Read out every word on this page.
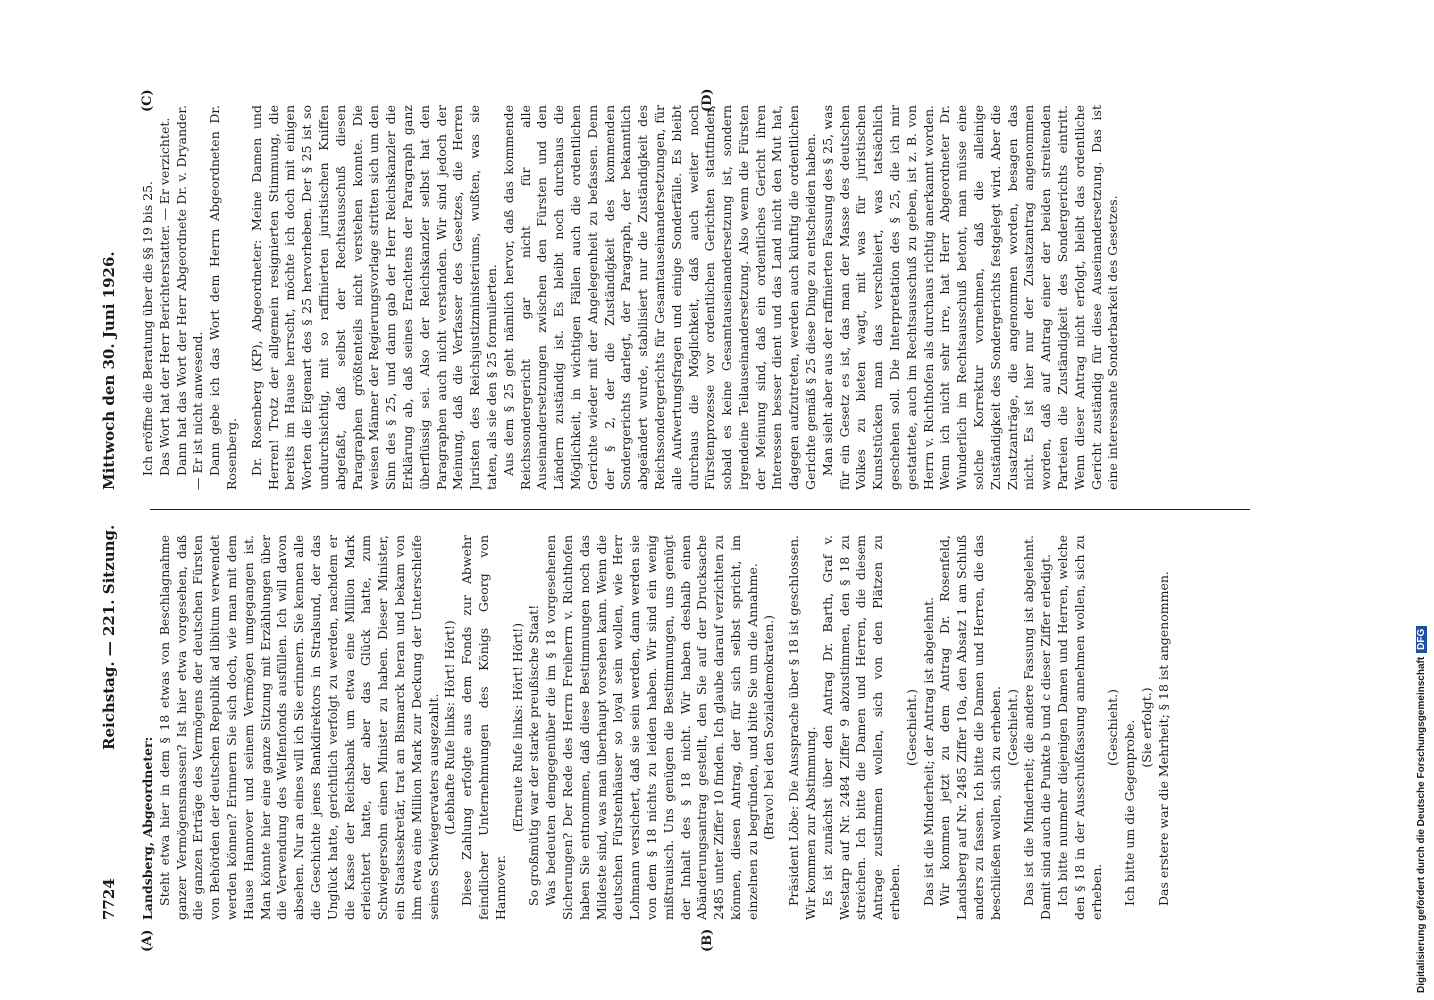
7724
Reichstag. — 221. Sitzung.
Mittwoch den 30. Juni 1926.
(A)	(B)
(C)	(D)

Landsberg, Abgeordneter: Steht etwa hier in dem § 18 etwas von Beschlagnahme ganzer Vermögensmassen? Ist hier etwa vorgesehen, daß die ganzen Erträge des Vermögens der deutschen Fürsten von Behörden der deutschen Republik ad libitum verwendet werden können? Erinnern Sie sich doch, wie man mit dem Hause Hannover und seinem Vermögen umgegangen ist. Man könnte hier eine ganze Sitzung mit Erzählungen über die Verwendung des Welfenfonds ausfüllen. Ich will davon absehen. Nur an eines will ich Sie erinnern. Sie kennen alle die Geschichte jenes Bankdirektors in Stralsund, der das Unglück hatte, gerichtlich verfolgt zu werden, nachdem er die Kasse der Reichsbank um etwa eine Million Mark erleichtert hatte, der aber das Glück hatte, zum Schwiegersohn einen Minister zu haben. Dieser Minister, ein Staatssekretär, trat an Bismarck heran und bekam von ihm etwa eine Million Mark zur Deckung der Unterschleife seines Schwiegervaters ausgezahlt. (Lebhafte Rufe links: Hört! Hört!) Diese Zahlung erfolgte aus dem Fonds zur Abwehr feindlicher Unternehmungen des Königs Georg von Hannover.

(Erneute Rufe links: Hört! Hört!) So großmütig war der starke preußische Staat! Was bedeuten demgegenüber die im § 18 vorgesehenen Sicherungen? Der Rede des Herrn Freiherrn v. Richthofen haben Sie entnommen, daß diese Bestimmungen noch das Mildeste sind, was man überhaupt vorsehen kann. Wenn die deutschen Fürstenhäuser so loyal sein wollen, wie Herr Lohmann versichert, daß sie sein werden, dann werden sie von dem § 18 nichts zu leiden haben. Wir sind ein wenig mißtrauisch. Uns genügen die Bestimmungen, uns genügt der Inhalt des § 18 nicht. Wir haben deshalb einen Abänderungsantrag gestellt, den Sie auf der Drucksache 2485 unter Ziffer 10 finden. Ich glaube darauf verzichten zu können, diesen Antrag, der für sich selbst spricht, im einzelnen zu begründen, und bitte Sie um die Annahme. (Bravo! bei den Sozialdemokraten.) Präsident Löbe: Die Aussprache über § 18 ist geschlossen. Wir kommen zur Abstimmung. Es ist zunächst über den Antrag Dr. Barth, Graf v. Westarp auf Nr. 2484 Ziffer 9 abzustimmen, den § 18 zu streichen. Ich bitte die Damen und Herren, die diesem Antrage zustimmen wollen, sich von den Plätzen zu erheben.

(Geschieht.) Das ist die Minderheit; der Antrag ist abgelehnt. Wir kommen jetzt zu dem Antrag Dr. Rosenfeld, Landsberg auf Nr. 2485 Ziffer 10a, den Absatz 1 am Schluß anders zu fassen. Ich bitte die Damen und Herren, die das beschließen wollen, sich zu erheben. (Geschieht.) Das ist die Minderheit; die andere Fassung ist abgelehnt. Damit sind auch die Punkte b und c dieser Ziffer erledigt. Ich bitte nunmehr diejenigen Damen und Herren, welche den § 18 in der Ausschußfassung annehmen wollen, sich zu erheben.

(Geschieht.) Ich bitte um die Gegenprobe. (Sie erfolgt.) Das erstere war die Mehrheit; § 18 ist angenommen.

Ich eröffne die Beratung über die §§ 19 bis 25. Das Wort hat der Herr Berichterstatter. — Er verzichtet. Dann hat das Wort der Herr Abgeordnete Dr. v. Dryander. — Er ist nicht anwesend. Dann gebe ich das Wort dem Herrn Abgeordneten Dr. Rosenberg. Dr. Rosenberg (KP), Abgeordneter: Meine Damen und Herren! Trotz der allgemein resignierten Stimmung, die bereits im Hause herrscht, möchte ich doch mit einigen Worten die Eigenart des § 25 hervorheben. Der § 25 ist so undurchsichtig, mit so raffinierten juristischen Kniffen abgefaßt, daß selbst der Rechtsausschuß diesen Paragraphen größtenteils nicht verstehen konnte. Die weisen Männer der Regierungsvorlage stritten sich um den Sinn des § 25, und dann gab der Herr Reichskanzler die Erklärung ab, daß seines Erachtens der Paragraph ganz überflüssig sei. Also der Reichskanzler selbst hat den Paragraphen auch nicht verstanden. Wir sind jedoch der Meinung, daß die Verfasser des Gesetzes, die Herren Juristen des Reichsjustizministeriums, wußten, was sie taten, als sie den § 25 formulierten. Aus dem § 25 geht nämlich hervor, daß das kommende Reichssondergericht gar nicht für alle Auseinandersetzungen zwischen den Fürsten und den Ländern zuständig ist. Es bleibt noch durchaus die Möglichkeit, in wichtigen Fällen auch die ordentlichen Gerichte wieder mit der Angelegenheit zu befassen. Denn der § 2, der die Zuständigkeit des kommenden Sondergerichts darlegt, der Paragraph, der bekanntlich abgeändert wurde, stabilisiert nur die Zuständigkeit des Reichssondergerichts für Gesamtauseinandersetzungen, für alle Aufwertungsfragen und einige Sonderfälle. Es bleibt durchaus die Möglichkeit, daß auch weiter noch Fürstenprozesse vor ordentlichen Gerichten stattfinden, sobald es keine Gesamtauseinandersetzung ist, sondern irgendeine Teilauseinandersetzung. Also wenn die Fürsten der Meinung sind, daß ein ordentliches Gericht ihren Interessen besser dient und das Land nicht den Mut hat, dagegen aufzutreten, werden auch künftig die ordentlichen Gerichte gemäß § 25 diese Dinge zu entscheiden haben. Man sieht aber aus der raffinierten Fassung des § 25, was für ein Gesetz es ist, das man der Masse des deutschen Volkes zu bieten wagt, mit was für juristischen Kunststücken man das verschleiert, was tatsächlich geschehen soll. Die Interpretation des § 25, die ich mir gestattete, auch im Rechtsausschuß zu geben, ist z. B. von Herrn v. Richthofen als durchaus richtig anerkannt worden. Wenn ich nicht sehr irre, hat Herr Abgeordneter Dr. Wunderlich im Rechtsausschuß betont, man müsse eine solche Korrektur vornehmen, daß die alleinige Zuständigkeit des Sondergerichts festgelegt wird. Aber die Zusatzanträge, die angenommen worden, besagen das nicht. Es ist hier nur der Zusatzantrag angenommen worden, daß auf Antrag einer der beiden streitenden Parteien die Zuständigkeit des Sondergerichts eintritt. Wenn dieser Antrag nicht erfolgt, bleibt das ordentliche Gericht zuständig für diese Auseinandersetzung. Das ist eine interessante Sonderbarkeit des Gesetzes.

Digitalisierung gefördert durch die Deutsche ForschungsgemeinschaftDFG
